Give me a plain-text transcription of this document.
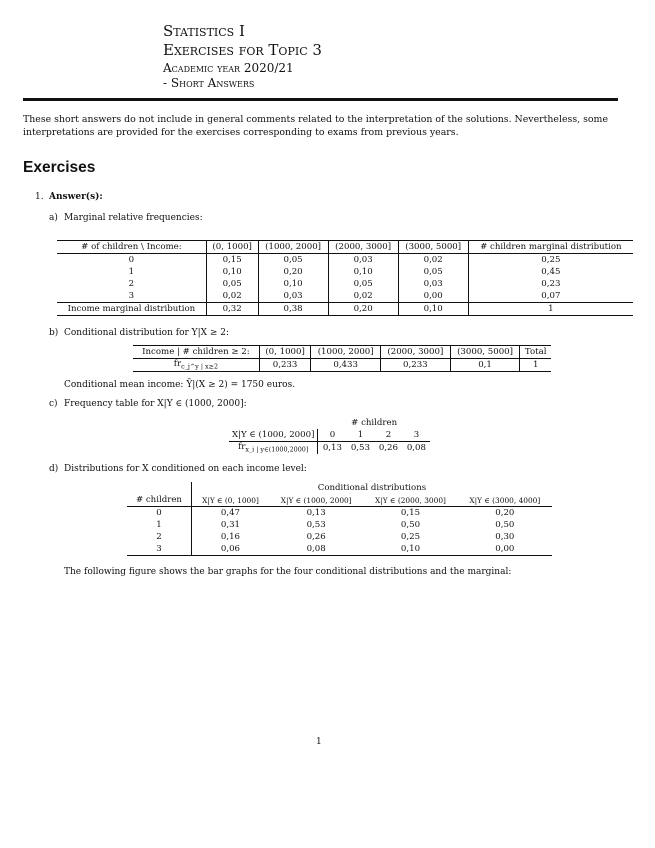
Statistics I
Exercises for Topic 3
Academic year 2020/21
- Short Answers
These short answers do not include in general comments related to the interpretation of the solutions. Nevertheless, some interpretations are provided for the exercises corresponding to exams from previous years.
Exercises
1. Answer(s):
a) Marginal relative frequencies:
# of children \ Income:	(0, 1000]	(1000, 2000]	(2000, 3000]	(3000, 5000]	# children marginal distribution
0	0,15	0,05	0,03	0,02	0,25
1	0,10	0,20	0,10	0,05	0,45
2	0,05	0,10	0,05	0,03	0,23
3	0,02	0,03	0,02	0,00	0,07
Income marginal distribution	0,32	0,38	0,20	0,10	1
b) Conditional distribution for Y|X ≥ 2:
Income | # children ≥ 2:	(0, 1000]	(1000, 2000]	(2000, 3000]	(3000, 5000]	Total
$fr_{c\_j\^{}y | x\ge 2}$	0,233	0,433	0,233	0,1	1
Conditional mean income: Ȳ|(X ≥ 2) = 1750 euros.
c) Frequency table for X|Y ∈ (1000, 2000]:
	# children			
X|Y ∈ (1000, 2000]	0	1	2	3
$fr_{x\_i | y\in(1000,2000]}$	0,13	0,53	0,26	0,08
d) Distributions for X conditioned on each income level:
	Conditional distributions			
# children	X|Y ∈ (0, 1000]	X|Y ∈ (1000, 2000]	X|Y ∈ (2000, 3000]	X|Y ∈ (3000, 4000]
0	0,47	0,13	0,15	0,20
1	0,31	0,53	0,50	0,50
2	0,16	0,26	0,25	0,30
3	0,06	0,08	0,10	0,00
The following figure shows the bar graphs for the four conditional distributions and the marginal:
1
